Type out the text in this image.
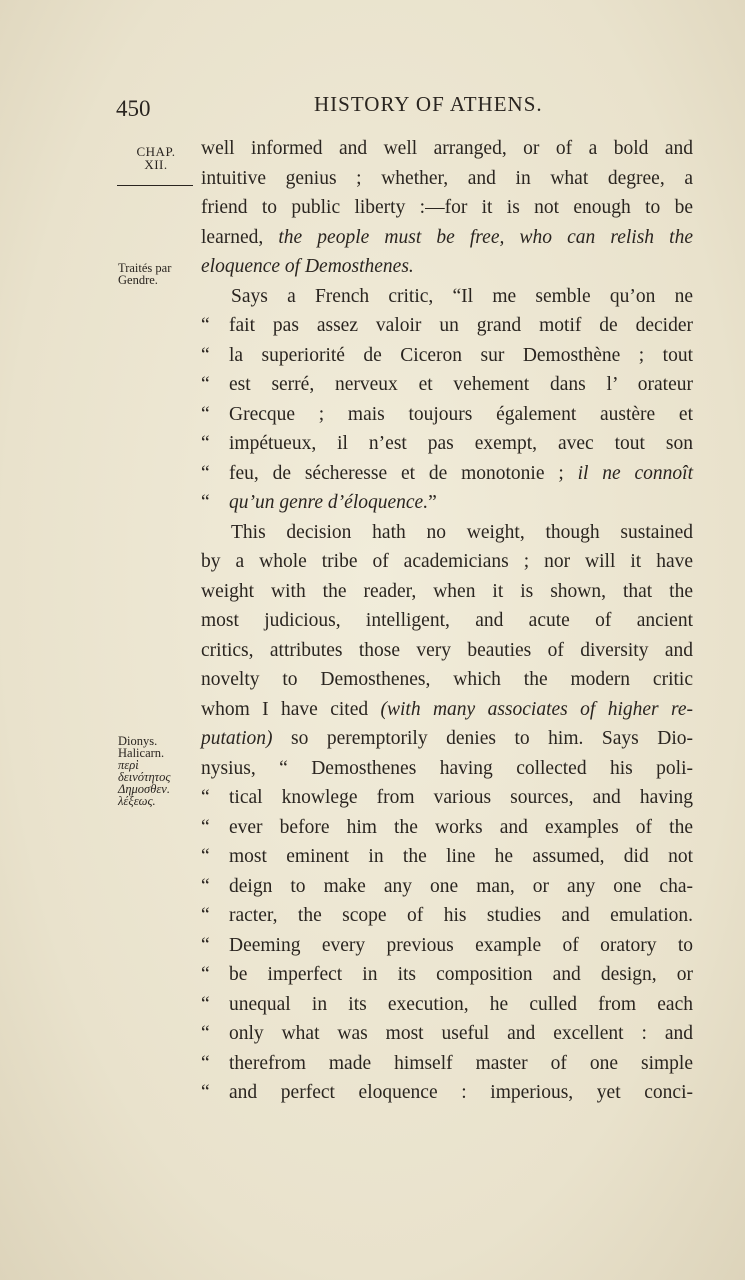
450	HISTORY OF ATHENS.
CHAP.
XII.
Traités par
Gendre.
Dionys.
Halicarn.
περὶ
δεινότητος
Δημοσθεν.
λέξεως.
well informed and well arranged, or of a bold and
intuitive genius ; whether, and in what degree, a
friend to public liberty :—for it is not enough to be
learned, the people must be free, who can relish the
eloquence of Demosthenes.
Says a French critic, “Il me semble qu’on ne
“ fait pas assez valoir un grand motif de decider
“ la superiorité de Ciceron sur Demosthène ; tout
“ est serré, nerveux et vehement dans l’ orateur
“ Grecque ; mais toujours également austère et
“ impétueux, il n’est pas exempt, avec tout son
“ feu, de sécheresse et de monotonie ; il ne connoît
“ qu’un genre d’éloquence.”
This decision hath no weight, though sustained
by a whole tribe of academicians ; nor will it have
weight with the reader, when it is shown, that the
most judicious, intelligent, and acute of ancient
critics, attributes those very beauties of diversity and
novelty to Demosthenes, which the modern critic
whom I have cited (with many associates of higher re-
putation) so peremptorily denies to him. Says Dio-
nysius, “ Demosthenes having collected his poli-
“ tical knowlege from various sources, and having
“ ever before him the works and examples of the
“ most eminent in the line he assumed, did not
“ deign to make any one man, or any one cha-
“ racter, the scope of his studies and emulation.
“ Deeming every previous example of oratory to
“ be imperfect in its composition and design, or
“ unequal in its execution, he culled from each
“ only what was most useful and excellent : and
“ therefrom made himself master of one simple
“ and perfect eloquence : imperious, yet conci-
